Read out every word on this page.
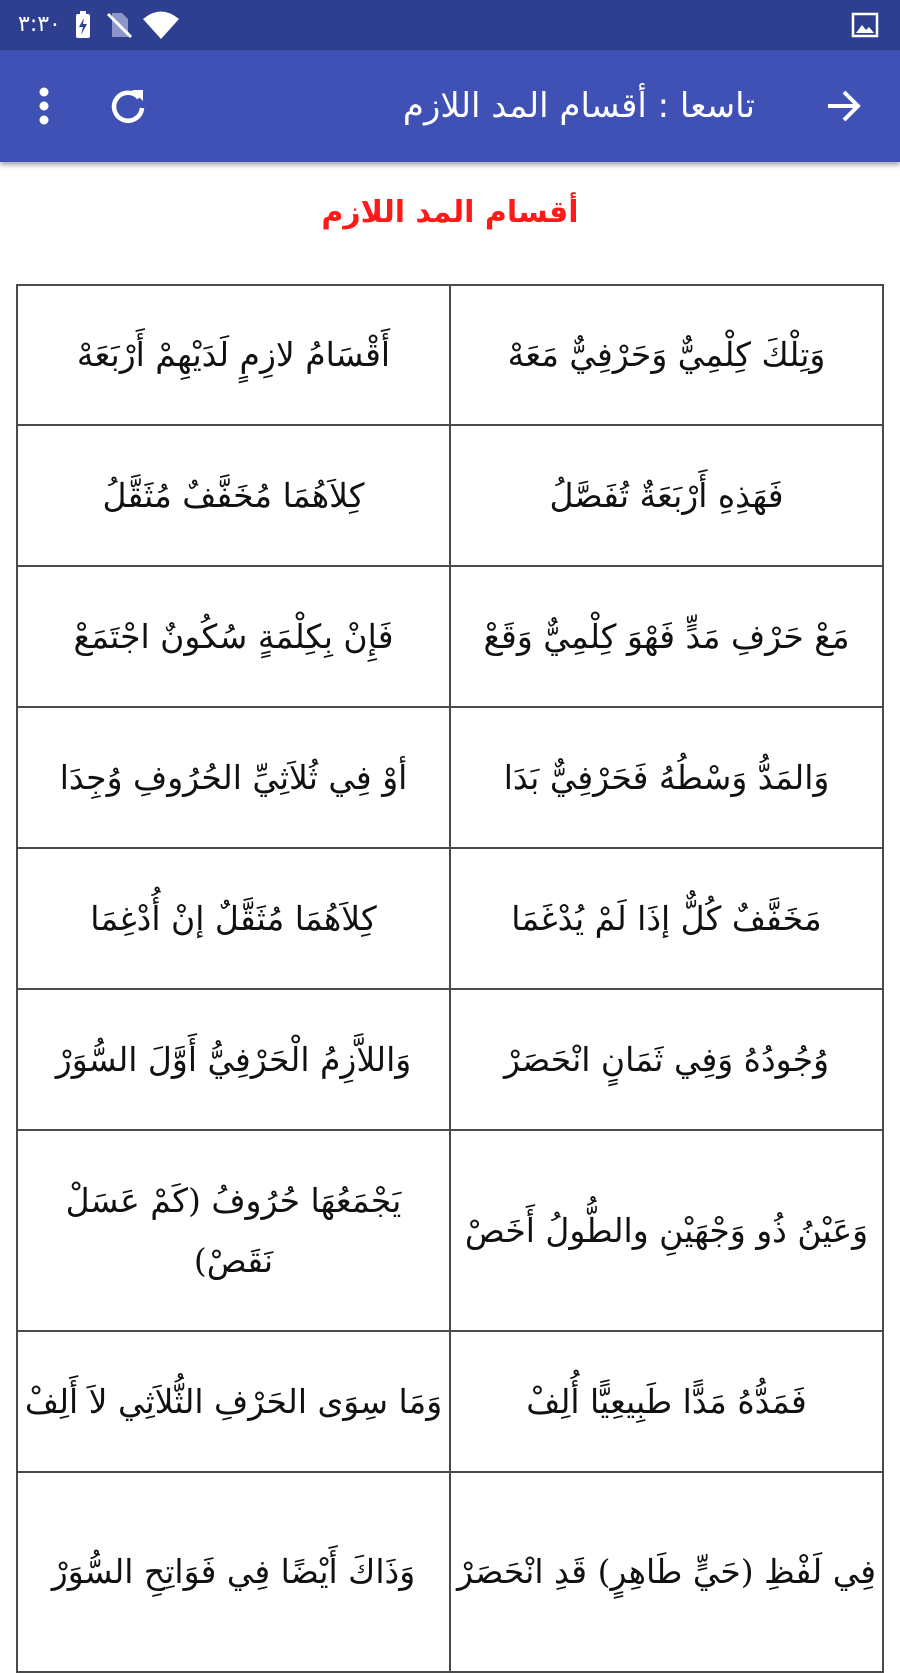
٣:٣٠
تاسعا : أقسام المد اللازم
أقسام المد اللازم
أَقْسَامُ لازِمٍ لَدَيْهِمْ أَرْبَعَهْ	وَتِلْكَ كِلْمِيٌّ وَحَرْفِيٌّ مَعَهْ
كِلاَهُمَا مُخَفَّفٌ مُثَقَّلُ	فَهَذِهِ أَرْبَعَةٌ تُفَصَّلُ
فَإِنْ بِكِلْمَةٍ سُكُونٌ اجْتَمَعْ	مَعْ حَرْفِ مَدٍّ فَهْوَ كِلْمِيٌّ وَقَعْ
أوْ فِي ثُلاَثِيِّ الحُرُوفِ وُجِدَا	وَالمَدُّ وَسْطُهُ فَحَرْفِيٌّ بَدَا
كِلاَهُمَا مُثَقَّلٌ إنْ أُدْغِمَا	مَخَفَّفٌ كُلٌّ إذَا لَمْ يُدْغَمَا
وَاللاَّزِمُ الْحَرْفِيُّ أَوَّلَ السُّوَرْ	وُجُودُهُ وَفِي ثَمَانٍ انْحَصَرْ
يَجْمَعُهَا حُرُوفُ (كَمْ عَسَلْ نَقَصْ)	وَعَيْنُ ذُو وَجْهَيْنِ والطُّولُ أَخَصْ
وَمَا سِوَى الحَرْفِ الثُّلاَثِي لاَ أَلِفْ	فَمَدُّهُ مَدًّا طَبِيعِيًّا أُلِفْ
وَذَاكَ أَيْضًا فِي فَوَاتِحِ السُّوَرْ	فِي لَفْظِ (حَيٍّ طَاهِرٍ) قَدِ انْحَصَرْ
